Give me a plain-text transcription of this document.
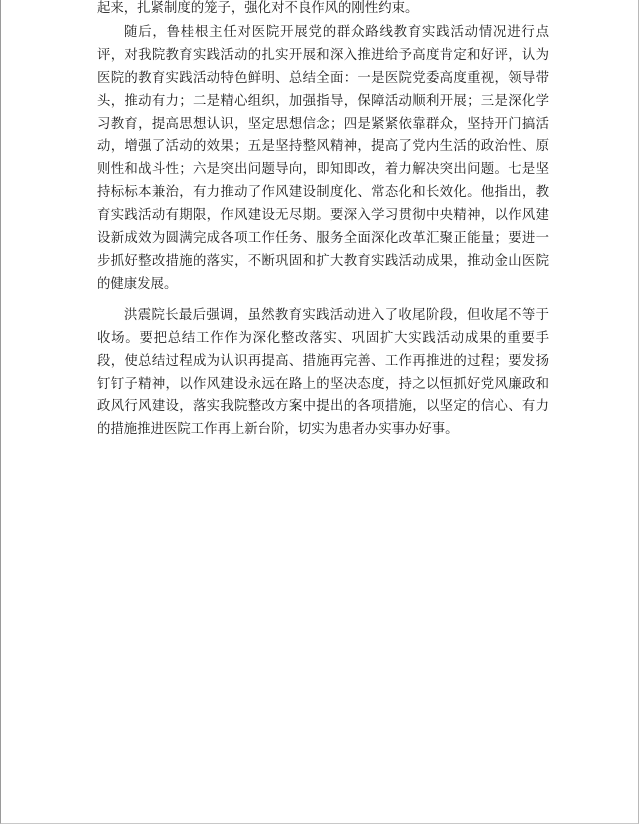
起来，扎紧制度的笼子，强化对不良作风的刚性约束。

随后，鲁桂根主任对医院开展党的群众路线教育实践活动情况进行点评，对我院教育实践活动的扎实开展和深入推进给予高度肯定和好评，认为医院的教育实践活动特色鲜明、总结全面：一是医院党委高度重视，领导带头，推动有力；二是精心组织，加强指导，保障活动顺利开展；三是深化学习教育，提高思想认识，坚定思想信念；四是紧紧依靠群众，坚持开门搞活动，增强了活动的效果；五是坚持整风精神，提高了党内生活的政治性、原则性和战斗性；六是突出问题导向，即知即改，着力解决突出问题。七是坚持标标本兼治，有力推动了作风建设制度化、常态化和长效化。他指出，教育实践活动有期限，作风建设无尽期。要深入学习贯彻中央精神，以作风建设新成效为圆满完成各项工作任务、服务全面深化改革汇聚正能量；要进一步抓好整改措施的落实，不断巩固和扩大教育实践活动成果，推动金山医院的健康发展。

洪震院长最后强调，虽然教育实践活动进入了收尾阶段，但收尾不等于收场。要把总结工作作为深化整改落实、巩固扩大实践活动成果的重要手段，使总结过程成为认识再提高、措施再完善、工作再推进的过程；要发扬钉钉子精神，以作风建设永远在路上的坚决态度，持之以恒抓好党风廉政和政风行风建设，落实我院整改方案中提出的各项措施，以坚定的信心、有力的措施推进医院工作再上新台阶，切实为患者办实事办好事。
